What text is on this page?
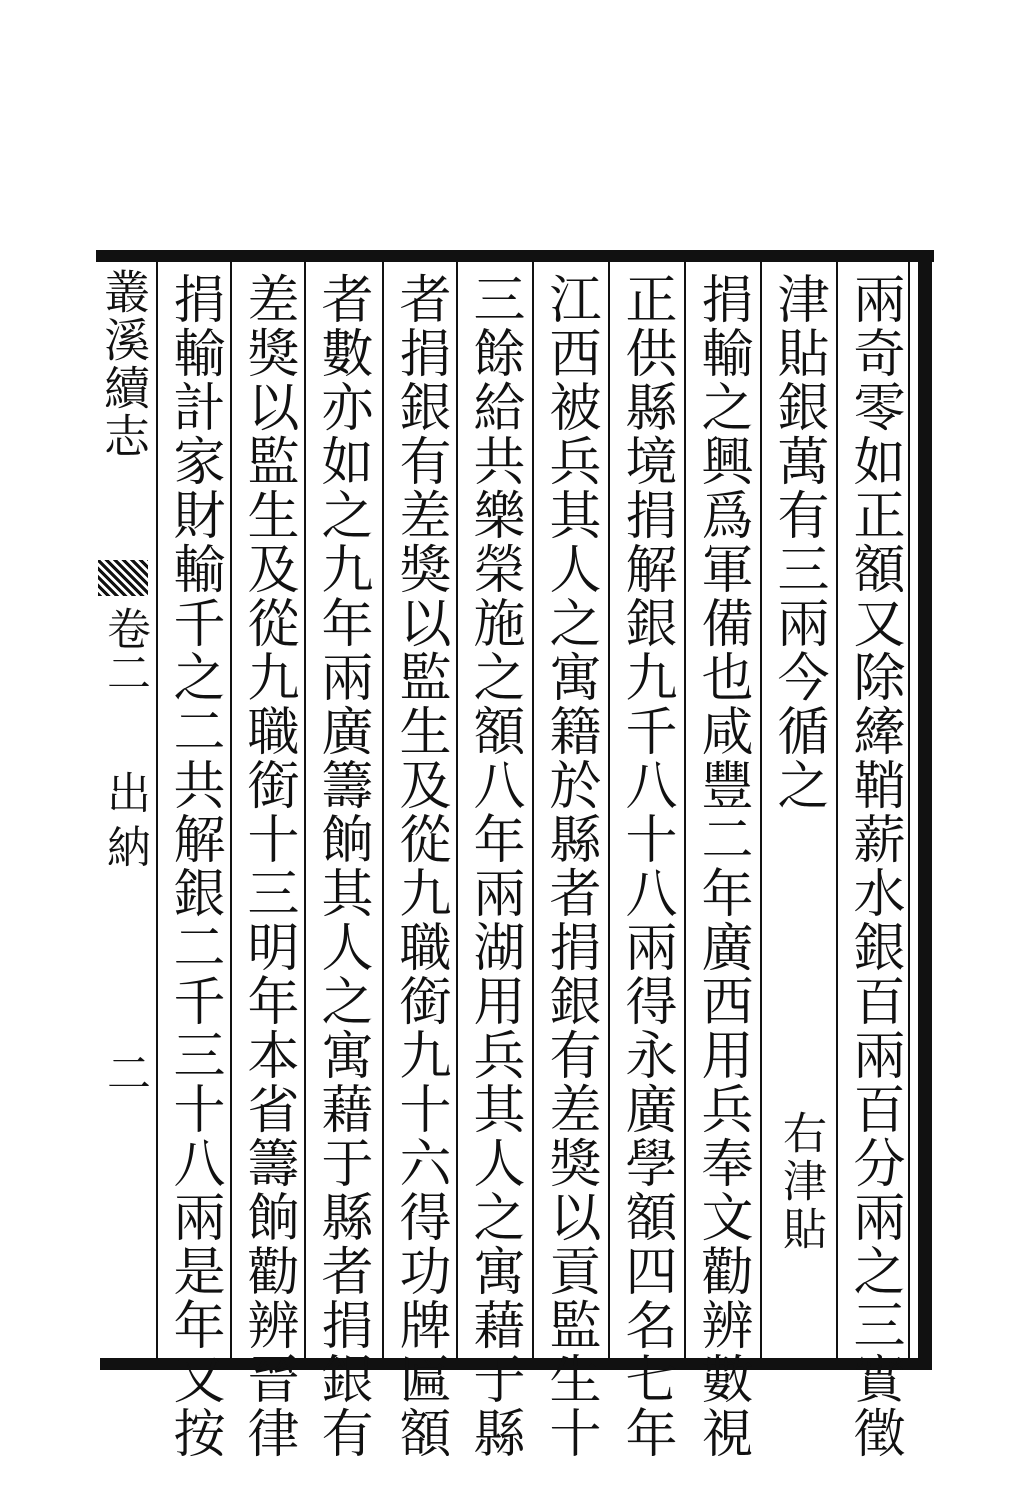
兩奇零如正額又除縴鞘薪水銀百兩百分兩之三實徵
津貼銀萬有三兩今循之
捐輸之興爲軍備也咸豐二年廣西用兵奉文勸辨數視
正供縣境捐解銀九千八十八兩得永廣學額四名七年
江西被兵其人之寓籍於縣者捐銀有差獎以貢監生十
三餘給共樂榮施之額八年兩湖用兵其人之寓藉于縣
者捐銀有差獎以監生及從九職銜九十六得功牌匾額
者數亦如之九年兩廣籌餉其人之寓藉于縣者捐銀有
差獎以監生及從九職銜十三明年本省籌餉勸辨晉律
捐輸計家財輸千之二共解銀二千三十八兩是年又按	右津貼
叢溪續志
卷二
出納
二
